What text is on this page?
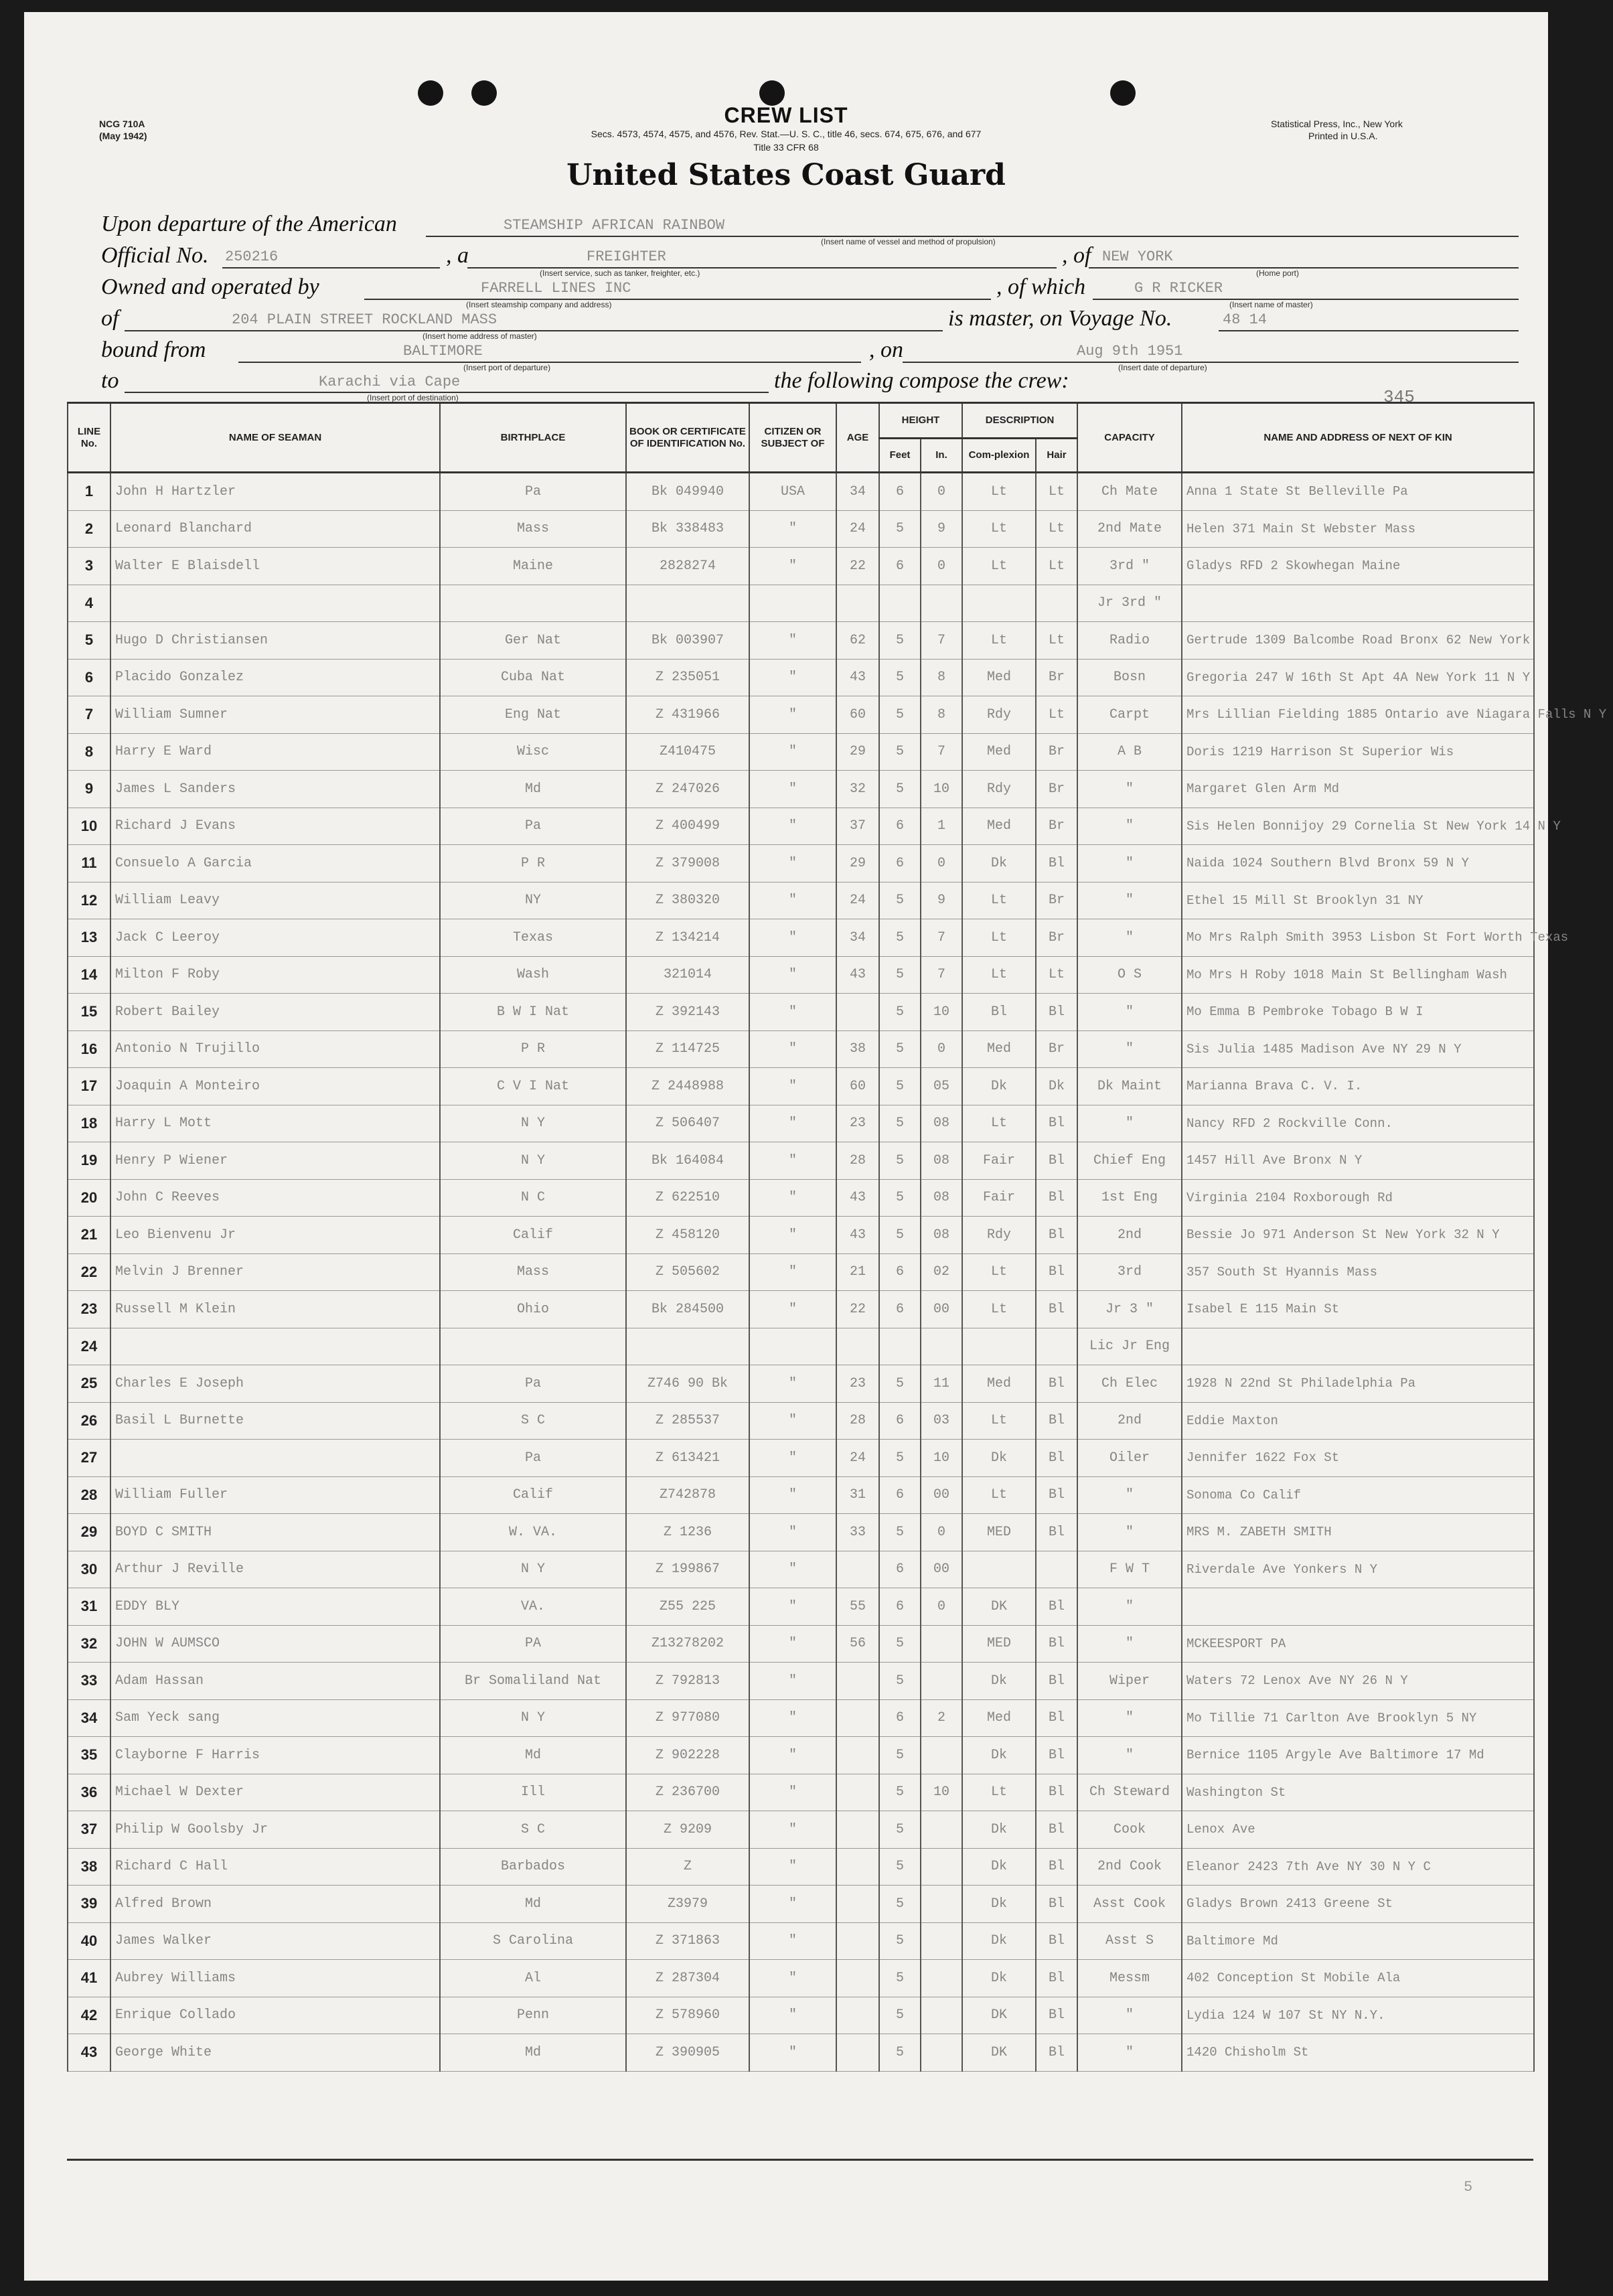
NCG 710A
(May 1942)
Statistical Press, Inc., New York
Printed in U.S.A.
CREW LIST
Secs. 4573, 4574, 4575, and 4576, Rev. Stat.—U. S. C., title 46, secs. 674, 675, 676, and 677
Title 33 CFR 68
United States Coast Guard
Upon departure of the American	STEAMSHIP AFRICAN RAINBOW
(Insert name of vessel and method of propulsion)
Official No. 250216	, a	FREIGHTER
(Insert service, such as tanker, freighter, etc.)
, of NEW YORK
(Home port)
Owned and operated by	FARRELL LINES INC
(Insert steamship company and address)
, of which	G R RICKER
(Insert name of master)
of	204 PLAIN STREET ROCKLAND MASS
(Insert home address of master)
is master, on Voyage No.	48 14
bound from	BALTIMORE
(Insert port of departure)
, on	Aug 9th 1951
(Insert date of departure)
to	Karachi via Cape
(Insert port of destination)
the following compose the crew:
345
LINE No.	NAME OF SEAMAN	BIRTHPLACE	BOOK OR CERTIFICATE OF IDENTIFICATION No.	CITIZEN OR SUBJECT OF	AGE	HEIGHT		DESCRIPTION		CAPACITY	NAME AND ADDRESS OF NEXT OF KIN
						Feet	In.	Com-plexion	Hair		
1	John H Hartzler	Pa	Bk 049940	USA	34	6	0	Lt	Lt	Ch Mate	Anna 1 State St Belleville Pa
2	Leonard Blanchard	Mass	Bk 338483	"	24	5	9	Lt	Lt	2nd Mate	Helen 371 Main St Webster Mass
3	Walter E Blaisdell	Maine	2828274	"	22	6	0	Lt	Lt	3rd "	Gladys RFD 2 Skowhegan Maine
4										Jr 3rd "	
5	Hugo D Christiansen	Ger Nat	Bk 003907	"	62	5	7	Lt	Lt	Radio	Gertrude 1309 Balcombe Road Bronx 62 New York
6	Placido Gonzalez	Cuba Nat	Z 235051	"	43	5	8	Med	Br	Bosn	Gregoria 247 W 16th St Apt 4A New York 11 N Y
7	William Sumner	Eng Nat	Z 431966	"	60	5	8	Rdy	Lt	Carpt	Mrs Lillian Fielding 1885 Ontario ave Niagara Falls N Y
8	Harry E Ward	Wisc	Z410475	"	29	5	7	Med	Br	A B	Doris 1219 Harrison St Superior Wis
9	James L Sanders	Md	Z 247026	"	32	5	10	Rdy	Br	"	Margaret Glen Arm Md
10	Richard J Evans	Pa	Z 400499	"	37	6	1	Med	Br	"	Sis Helen Bonnijoy 29 Cornelia St New York 14 N Y
11	Consuelo A Garcia	P R	Z 379008	"	29	6	0	Dk	Bl	"	Naida 1024 Southern Blvd Bronx 59 N Y
12	William Leavy	NY	Z 380320	"	24	5	9	Lt	Br	"	Ethel 15 Mill St Brooklyn 31 NY
13	Jack C Leeroy	Texas	Z 134214	"	34	5	7	Lt	Br	"	Mo Mrs Ralph Smith 3953 Lisbon St Fort Worth Texas
14	Milton F Roby	Wash	321014	"	43	5	7	Lt	Lt	O S	Mo Mrs H Roby 1018 Main St Bellingham Wash
15	Robert Bailey	B W I Nat	Z 392143	"		5	10	Bl	Bl	"	Mo Emma B Pembroke Tobago B W I
16	Antonio N Trujillo	P R	Z 114725	"	38	5	0	Med	Br	"	Sis Julia 1485 Madison Ave NY 29 N Y
17	Joaquin A Monteiro	C V I Nat	Z 2448988	"	60	5	05	Dk	Dk	Dk Maint	Marianna Brava C. V. I.
18	Harry L Mott	N Y	Z 506407	"	23	5	08	Lt	Bl	"	Nancy RFD 2 Rockville Conn.
19	Henry P Wiener	N Y	Bk 164084	"	28	5	08	Fair	Bl	Chief Eng	1457 Hill Ave Bronx N Y
20	John C Reeves	N C	Z 622510	"	43	5	08	Fair	Bl	1st Eng	Virginia 2104 Roxborough Rd
21	Leo Bienvenu Jr	Calif	Z 458120	"	43	5	08	Rdy	Bl	2nd	Bessie Jo 971 Anderson St New York 32 N Y
22	Melvin J Brenner	Mass	Z 505602	"	21	6	02	Lt	Bl	3rd	357 South St Hyannis Mass
23	Russell M Klein	Ohio	Bk 284500	"	22	6	00	Lt	Bl	Jr 3 "	Isabel E 115 Main St
24										Lic Jr Eng	
25	Charles E Joseph	Pa	Z746 90 Bk	"	23	5	11	Med	Bl	Ch Elec	1928 N 22nd St Philadelphia Pa
26	Basil L Burnette	S C	Z 285537	"	28	6	03	Lt	Bl	2nd	Eddie Maxton
27		Pa	Z 613421	"	24	5	10	Dk	Bl	Oiler	Jennifer 1622 Fox St
28	William Fuller	Calif	Z742878	"	31	6	00	Lt	Bl	"	Sonoma Co Calif
29	BOYD C SMITH	W. VA.	Z 1236	"	33	5	0	MED	Bl	"	MRS M. ZABETH SMITH
30	Arthur J Reville	N Y	Z 199867	"		6	00			F W T	Riverdale Ave Yonkers N Y
31	EDDY BLY	VA.	Z55 225	"	55	6	0	DK	Bl	"	
32	JOHN W AUMSCO	PA	Z13278202	"	56	5		MED	Bl	"	MCKEESPORT PA
33	Adam Hassan	Br Somaliland Nat	Z 792813	"		5		Dk	Bl	Wiper	Waters 72 Lenox Ave NY 26 N Y
34	Sam Yeck sang	N Y	Z 977080	"		6	2	Med	Bl	"	Mo Tillie 71 Carlton Ave Brooklyn 5 NY
35	Clayborne F Harris	Md	Z 902228	"		5		Dk	Bl	"	Bernice 1105 Argyle Ave Baltimore 17 Md
36	Michael W Dexter	Ill	Z 236700	"		5	10	Lt	Bl	Ch Steward	Washington St
37	Philip W Goolsby Jr	S C	Z 9209	"		5		Dk	Bl	Cook	Lenox Ave
38	Richard C Hall	Barbados	Z	"		5		Dk	Bl	2nd Cook	Eleanor 2423 7th Ave NY 30 N Y C
39	Alfred Brown	Md	Z3979	"		5		Dk	Bl	Asst Cook	Gladys Brown 2413 Greene St
40	James Walker	S Carolina	Z 371863	"		5		Dk	Bl	Asst S	Baltimore Md
41	Aubrey Williams	Al	Z 287304	"		5		Dk	Bl	Messm	402 Conception St Mobile Ala
42	Enrique Collado	Penn	Z 578960	"		5		DK	Bl	"	Lydia 124 W 107 St NY N.Y.
43	George White	Md	Z 390905	"		5		DK	Bl	"	1420 Chisholm St
5
